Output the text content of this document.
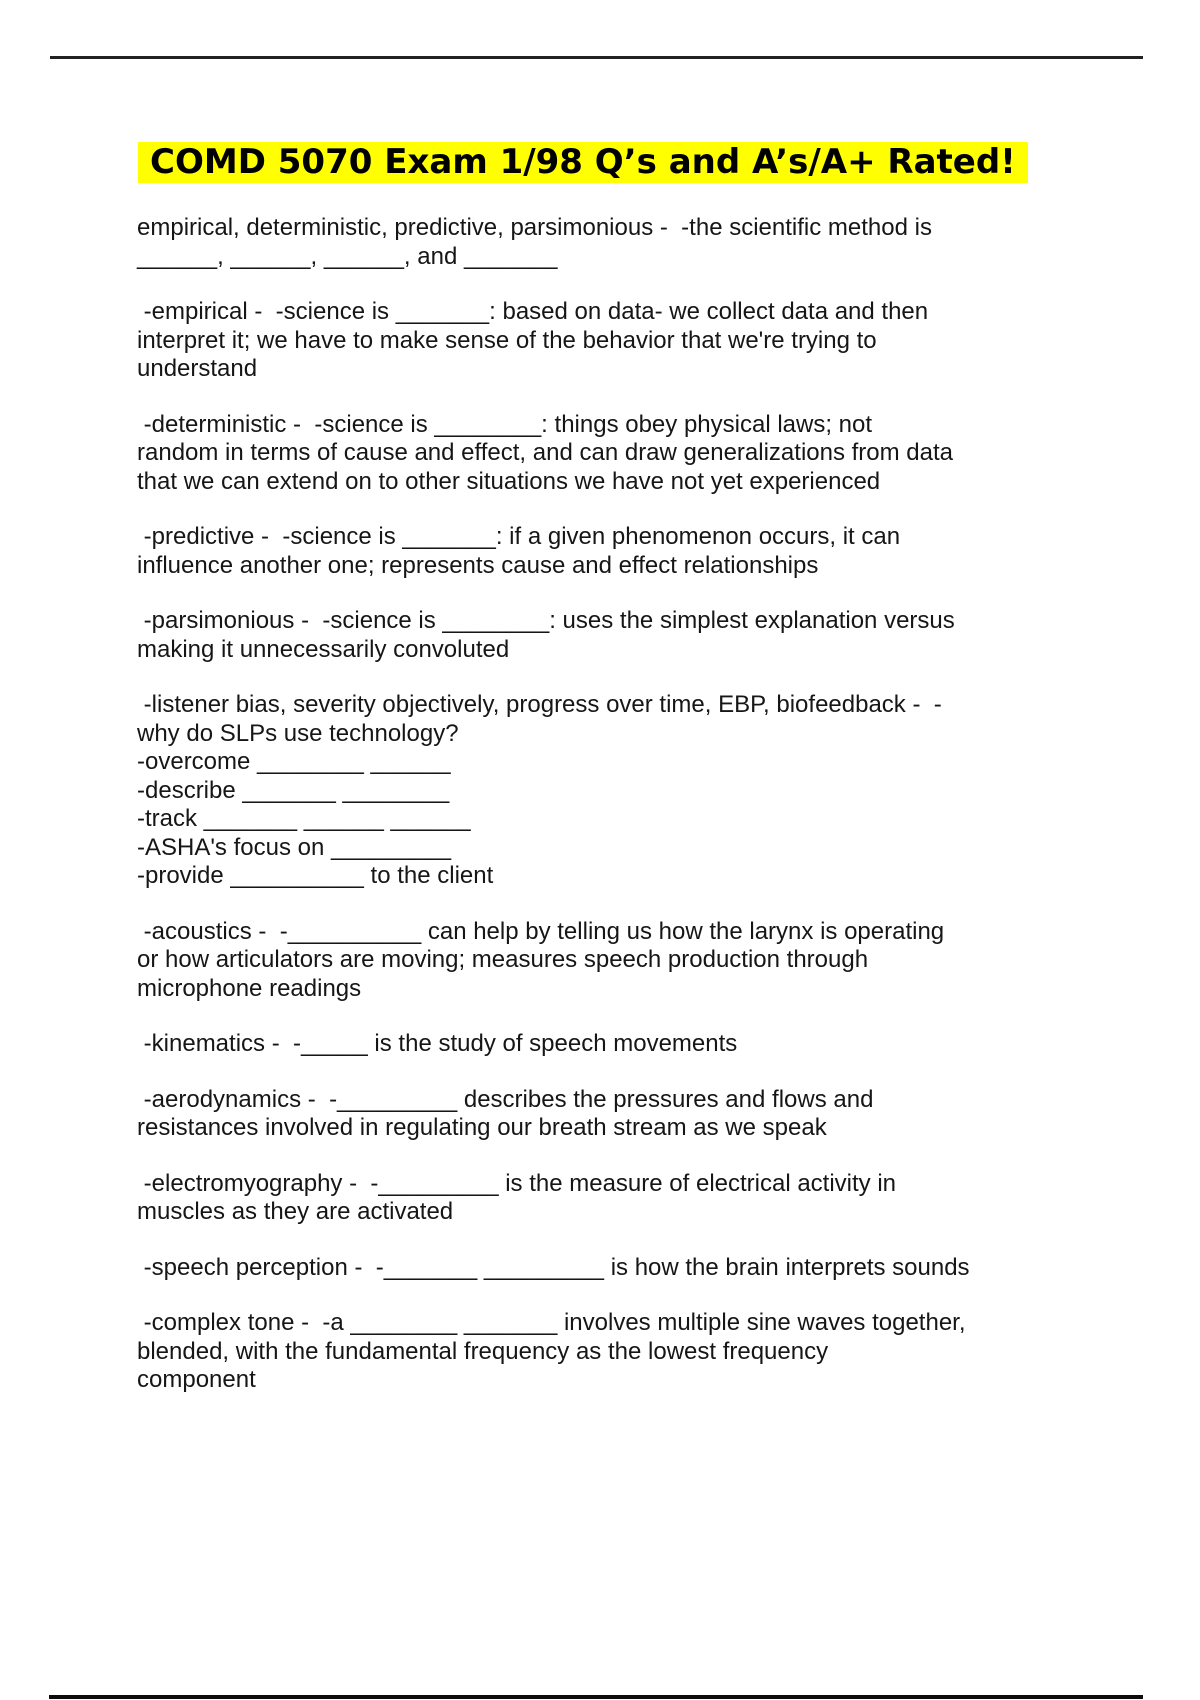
COMD 5070 Exam 1/98 Q’s and A’s/A+ Rated!
empirical, deterministic, predictive, parsimonious -  -the scientific method is
______, ______, ______, and _______
-empirical -  -science is _______: based on data- we collect data and then
interpret it; we have to make sense of the behavior that we're trying to
understand
-deterministic -  -science is ________: things obey physical laws; not
random in terms of cause and effect, and can draw generalizations from data
that we can extend on to other situations we have not yet experienced
-predictive -  -science is _______: if a given phenomenon occurs, it can
influence another one; represents cause and effect relationships
-parsimonious -  -science is ________: uses the simplest explanation versus
making it unnecessarily convoluted
-listener bias, severity objectively, progress over time, EBP, biofeedback -  -
why do SLPs use technology?
-overcome ________ ______
-describe _______ ________
-track _______ ______ ______
-ASHA's focus on _________
-provide __________ to the client
-acoustics -  -__________ can help by telling us how the larynx is operating
or how articulators are moving; measures speech production through
microphone readings
-kinematics -  -_____ is the study of speech movements
-aerodynamics -  -_________ describes the pressures and flows and
resistances involved in regulating our breath stream as we speak
-electromyography -  -_________ is the measure of electrical activity in
muscles as they are activated
-speech perception -  -_______ _________ is how the brain interprets sounds
-complex tone -  -a ________ _______ involves multiple sine waves together,
blended, with the fundamental frequency as the lowest frequency
component
